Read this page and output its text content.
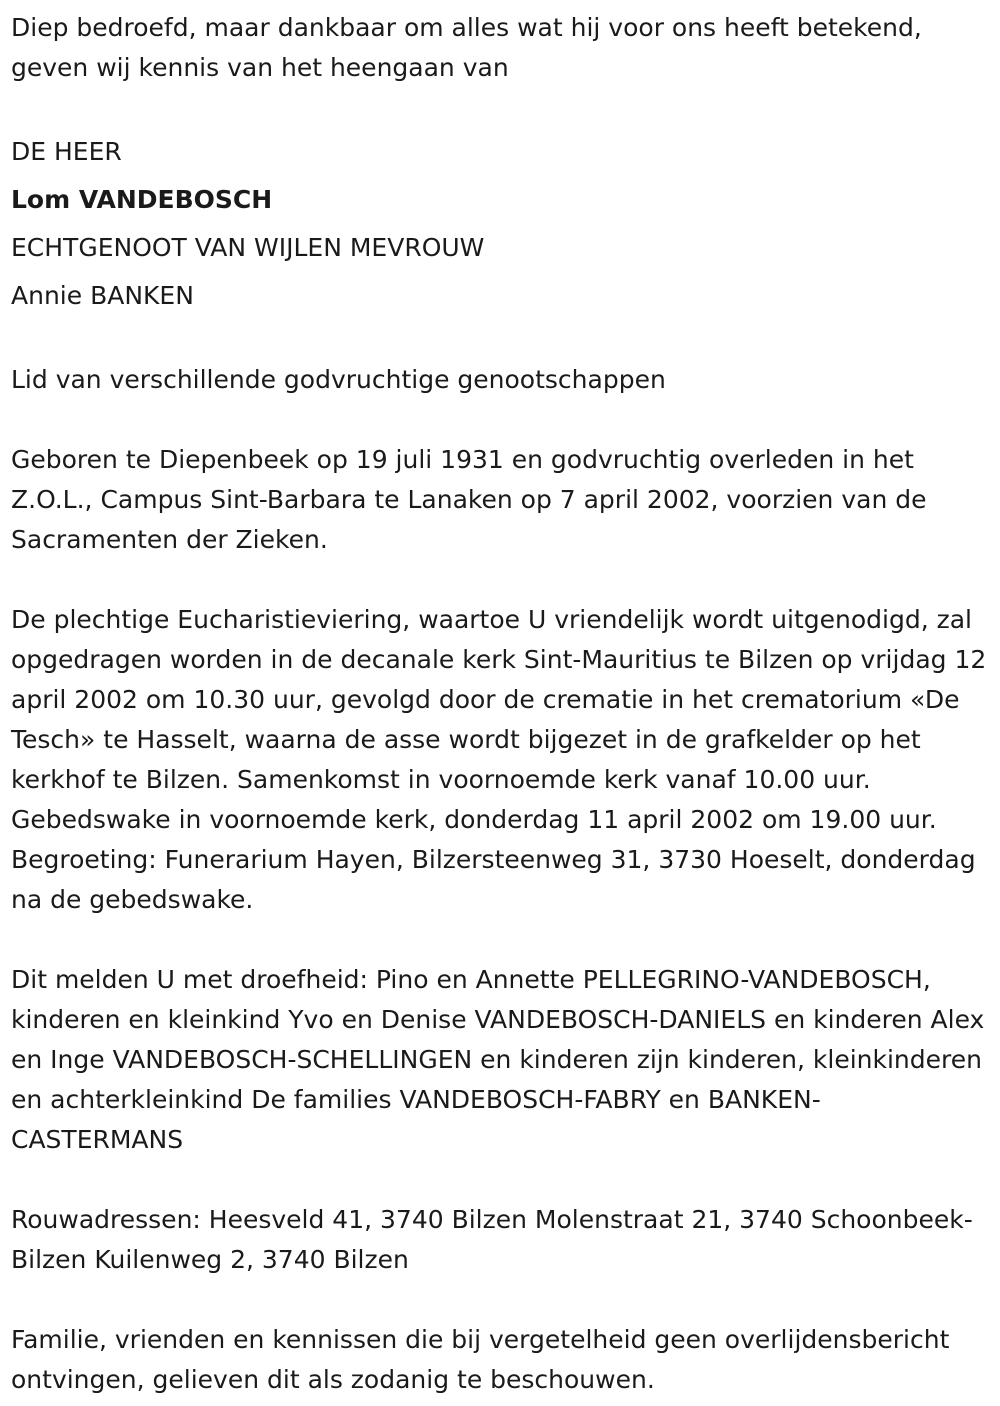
Diep bedroefd, maar dankbaar om alles wat hij voor ons heeft betekend, geven wij kennis van het heengaan van

DE HEER

Lom VANDEBOSCH

ECHTGENOOT VAN WIJLEN MEVROUW

Annie BANKEN

Lid van verschillende godvruchtige genootschappen

Geboren te Diepenbeek op 19 juli 1931 en godvruchtig overleden in het Z.O.L., Campus Sint-Barbara te Lanaken op 7 april 2002, voorzien van de Sacramenten der Zieken.

De plechtige Eucharistieviering, waartoe U vriendelijk wordt uitgenodigd, zal opgedragen worden in de decanale kerk Sint-Mauritius te Bilzen op vrijdag 12 april 2002 om 10.30 uur, gevolgd door de crematie in het crematorium «De Tesch» te Hasselt, waarna de asse wordt bijgezet in de grafkelder op het kerkhof te Bilzen. Samenkomst in voornoemde kerk vanaf 10.00 uur. Gebedswake in voornoemde kerk, donderdag 11 april 2002 om 19.00 uur. Begroeting: Funerarium Hayen, Bilzersteenweg 31, 3730 Hoeselt, donderdag na de gebedswake.

Dit melden U met droefheid: Pino en Annette PELLEGRINO-VANDEBOSCH, kinderen en kleinkind Yvo en Denise VANDEBOSCH-DANIELS en kinderen Alex en Inge VANDEBOSCH-SCHELLINGEN en kinderen zijn kinderen, kleinkinderen en achterkleinkind De families VANDEBOSCH-FABRY en BANKEN-CASTERMANS

Rouwadressen: Heesveld 41, 3740 Bilzen Molenstraat 21, 3740 Schoonbeek-Bilzen Kuilenweg 2, 3740 Bilzen

Familie, vrienden en kennissen die bij vergetelheid geen overlijdensbericht ontvingen, gelieven dit als zodanig te beschouwen.
